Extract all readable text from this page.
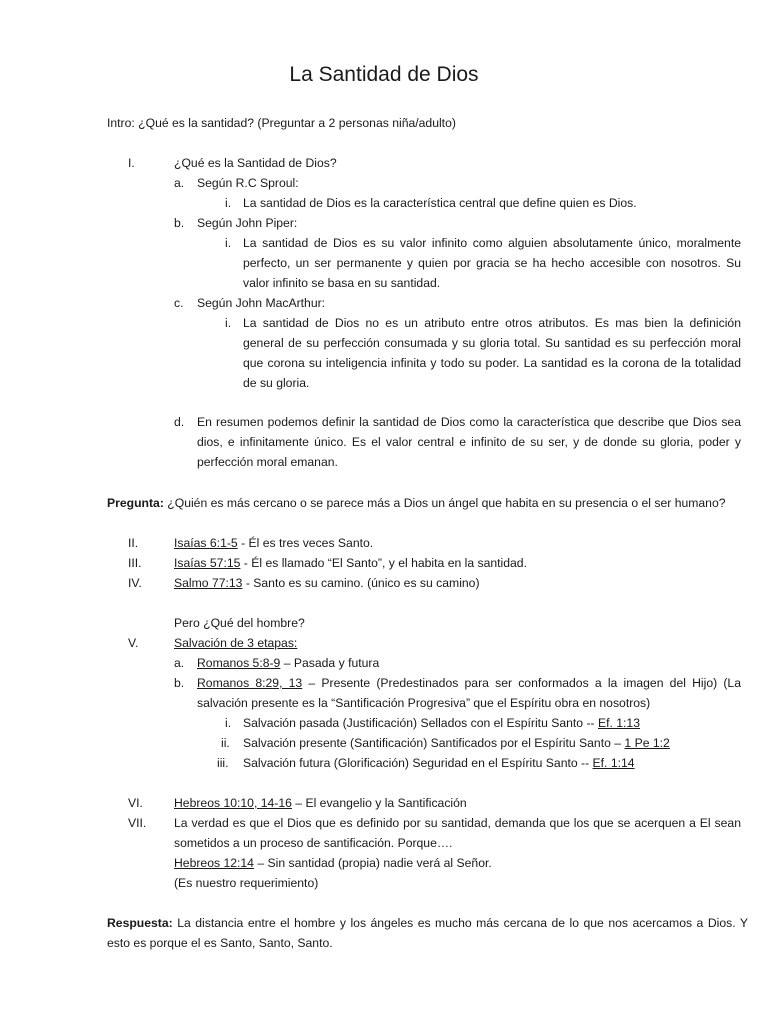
La Santidad de Dios
Intro: ¿Qué es la santidad? (Preguntar a 2 personas niña/adulto)
I.	¿Qué es la Santidad de Dios?
a. Según R.C Sproul:
i. La santidad de Dios es la característica central que define quien es Dios.
b. Según John Piper:
i. La santidad de Dios es su valor infinito como alguien absolutamente único, moralmente perfecto, un ser permanente y quien por gracia se ha hecho accesible con nosotros. Su valor infinito se basa en su santidad.
c. Según John MacArthur:
i. La santidad de Dios no es un atributo entre otros atributos. Es mas bien la definición general de su perfección consumada y su gloria total. Su santidad es su perfección moral que corona su inteligencia infinita y todo su poder. La santidad es la corona de la totalidad de su gloria.
d. En resumen podemos definir la santidad de Dios como la característica que describe que Dios sea dios, e infinitamente único. Es el valor central e infinito de su ser, y de donde su gloria, poder y perfección moral emanan.
Pregunta: ¿Quién es más cercano o se parece más a Dios un ángel que habita en su presencia o el ser humano?
II.	Isaías 6:1-5 - Él es tres veces Santo.
III.	Isaías 57:15 - Él es llamado “El Santo”, y el habita en la santidad.
IV.	Salmo 77:13 - Santo es su camino. (único es su camino)
Pero ¿Qué del hombre?
V.	Salvación de 3 etapas:
a. Romanos 5:8-9 – Pasada y futura
b. Romanos 8:29, 13 – Presente (Predestinados para ser conformados a la imagen del Hijo) (La salvación presente es la “Santificación Progresiva” que el Espíritu obra en nosotros)
i. Salvación pasada (Justificación) Sellados con el Espíritu Santo -- Ef. 1:13
ii. Salvación presente (Santificación) Santificados por el Espíritu Santo – 1 Pe 1:2
iii. Salvación futura (Glorificación) Seguridad en el Espíritu Santo -- Ef. 1:14
VI.	Hebreos 10:10, 14-16 – El evangelio y la Santificación
VII. La verdad es que el Dios que es definido por su santidad, demanda que los que se acerquen a El sean sometidos a un proceso de santificación. Porque….
Hebreos 12:14 – Sin santidad (propia) nadie verá al Señor.
(Es nuestro requerimiento)
Respuesta: La distancia entre el hombre y los ángeles es mucho más cercana de lo que nos acercamos a Dios. Y esto es porque el es Santo, Santo, Santo.
